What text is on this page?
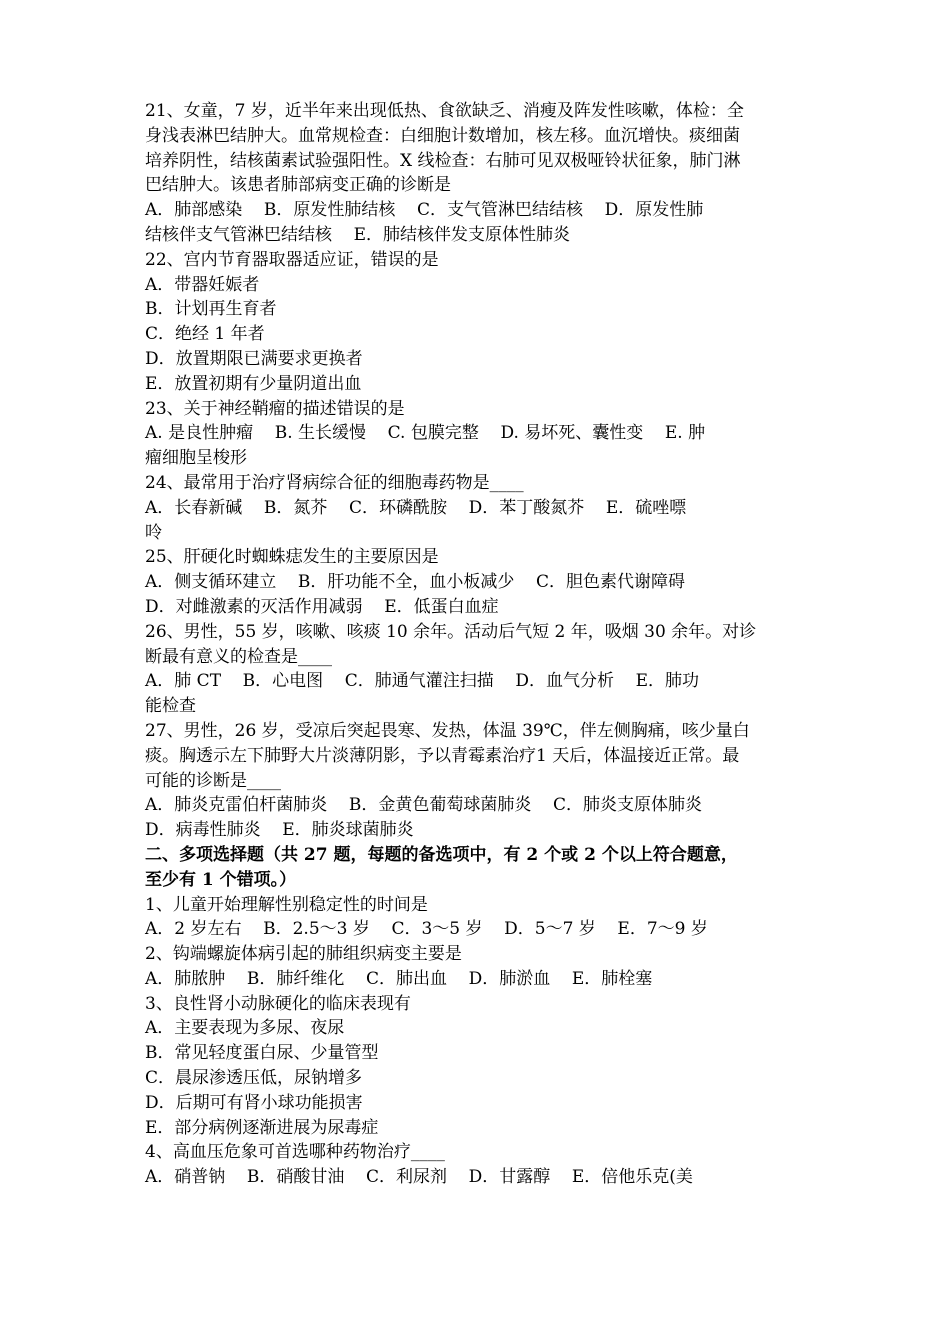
21、女童，7 岁，近半年来出现低热、食欲缺乏、消瘦及阵发性咳嗽，体检：全
身浅表淋巴结肿大。血常规检查：白细胞计数增加，核左移。血沉增快。痰细菌
培养阴性，结核菌素试验强阳性。X 线检查：右肺可见双极哑铃状征象，肺门淋
巴结肿大。该患者肺部病变正确的诊断是
A．肺部感染    B．原发性肺结核    C．支气管淋巴结结核    D．原发性肺
结核伴支气管淋巴结结核    E．肺结核伴发支原体性肺炎
22、宫内节育器取器适应证，错误的是
A．带器妊娠者
B．计划再生育者
C．绝经 1 年者
D．放置期限已满要求更换者
E．放置初期有少量阴道出血
23、关于神经鞘瘤的描述错误的是
A. 是良性肿瘤    B. 生长缓慢    C. 包膜完整    D. 易坏死、囊性变    E. 肿
瘤细胞呈梭形
24、最常用于治疗肾病综合征的细胞毒药物是____
A．长春新碱    B．氮芥    C．环磷酰胺    D．苯丁酸氮芥    E．硫唑嘌
呤
25、肝硬化时蜘蛛痣发生的主要原因是
A．侧支循环建立    B．肝功能不全，血小板减少    C．胆色素代谢障碍
D．对雌激素的灭活作用减弱    E．低蛋白血症
26、男性，55 岁，咳嗽、咳痰 10 余年。活动后气短 2 年，吸烟 30 余年。对诊
断最有意义的检查是____
A．肺 CT    B．心电图    C．肺通气灌注扫描    D．血气分析    E．肺功
能检查
27、男性，26 岁，受凉后突起畏寒、发热，体温 39℃，伴左侧胸痛，咳少量白
痰。胸透示左下肺野大片淡薄阴影，予以青霉素治疗1 天后，体温接近正常。最
可能的诊断是____
A．肺炎克雷伯杆菌肺炎    B．金黄色葡萄球菌肺炎    C．肺炎支原体肺炎
D．病毒性肺炎    E．肺炎球菌肺炎
二、多项选择题（共 27 题，每题的备选项中，有 2 个或 2 个以上符合题意，
至少有 1 个错项。）
1、儿童开始理解性别稳定性的时间是
A．2 岁左右    B．2.5～3 岁    C．3～5 岁    D．5～7 岁    E．7～9 岁
2、钩端螺旋体病引起的肺组织病变主要是
A．肺脓肿    B．肺纤维化    C．肺出血    D．肺淤血    E．肺栓塞
3、良性肾小动脉硬化的临床表现有
A．主要表现为多尿、夜尿
B．常见轻度蛋白尿、少量管型
C．晨尿渗透压低，尿钠增多
D．后期可有肾小球功能损害
E．部分病例逐渐进展为尿毒症
4、高血压危象可首选哪种药物治疗____
A．硝普钠    B．硝酸甘油    C．利尿剂    D．甘露醇    E．倍他乐克(美
